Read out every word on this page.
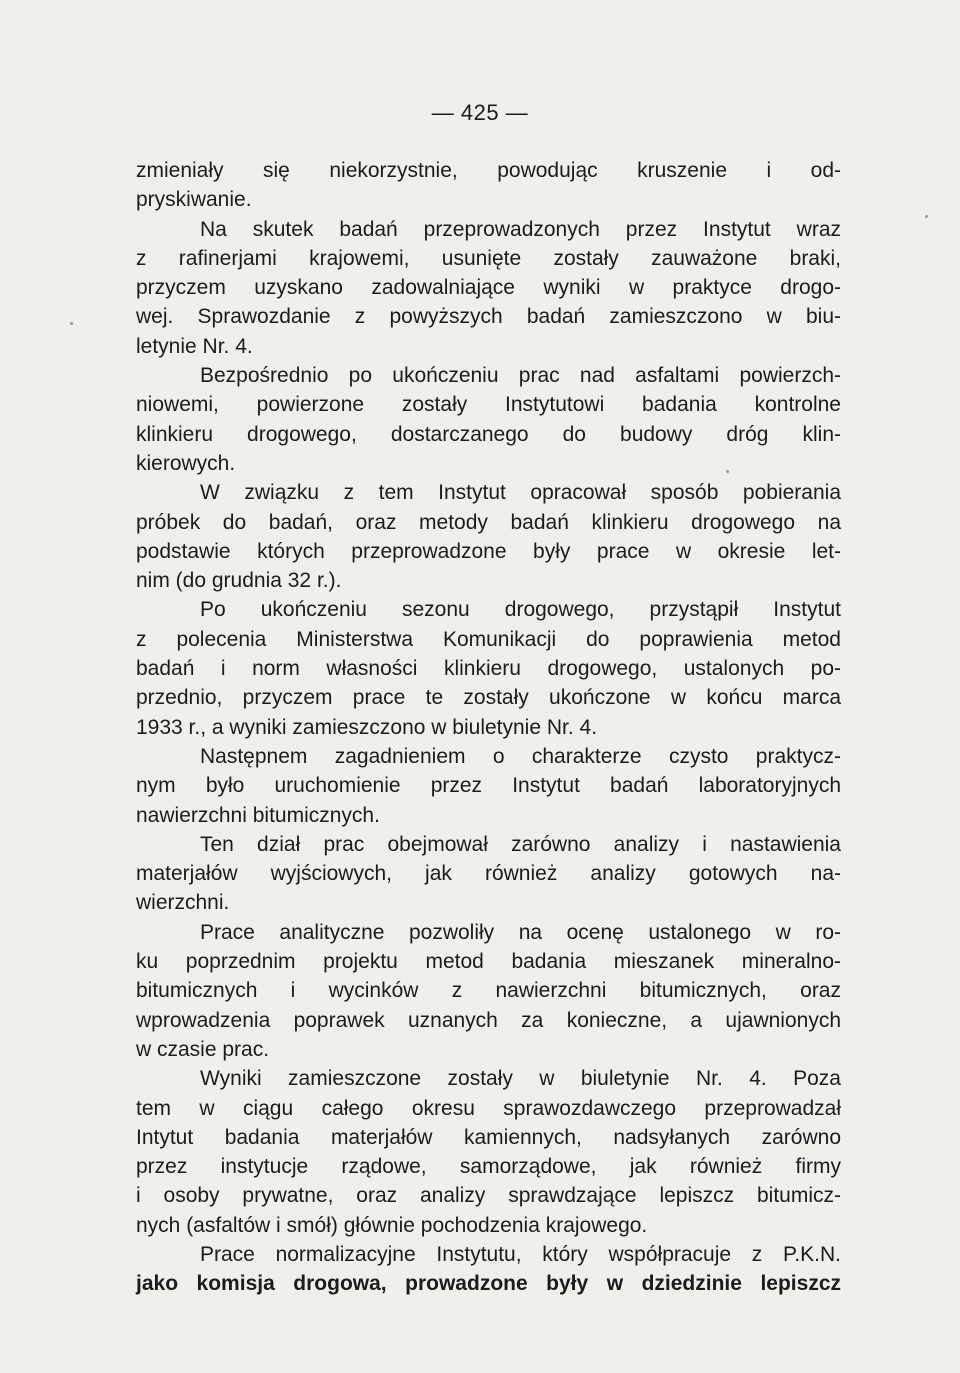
— 425 —
zmieniały się niekorzystnie, powodując kruszenie i od-
pryskiwanie.
Na skutek badań przeprowadzonych przez Instytut wraz
z rafinerjami krajowemi, usunięte zostały zauważone braki,
przyczem uzyskano zadowalniające wyniki w praktyce drogo-
wej. Sprawozdanie z powyższych badań zamieszczono w biu-
letynie Nr. 4.
Bezpośrednio po ukończeniu prac nad asfaltami powierzch-
niowemi, powierzone zostały Instytutowi badania kontrolne
klinkieru drogowego, dostarczanego do budowy dróg klin-
kierowych.
W związku z tem Instytut opracował sposób pobierania
próbek do badań, oraz metody badań klinkieru drogowego na
podstawie których przeprowadzone były prace w okresie let-
nim (do grudnia 32 r.).
Po ukończeniu sezonu drogowego, przystąpił Instytut
z polecenia Ministerstwa Komunikacji do poprawienia metod
badań i norm własności klinkieru drogowego, ustalonych po-
przednio, przyczem prace te zostały ukończone w końcu marca
1933 r., a wyniki zamieszczono w biuletynie Nr. 4.
Następnem zagadnieniem o charakterze czysto praktycz-
nym było uruchomienie przez Instytut badań laboratoryjnych
nawierzchni bitumicznych.
Ten dział prac obejmował zarówno analizy i nastawienia
materjałów wyjściowych, jak również analizy gotowych na-
wierzchni.
Prace analityczne pozwoliły na ocenę ustalonego w ro-
ku poprzednim projektu metod badania mieszanek mineralno-
bitumicznych i wycinków z nawierzchni bitumicznych, oraz
wprowadzenia poprawek uznanych za konieczne, a ujawnionych
w czasie prac.
Wyniki zamieszczone zostały w biuletynie Nr. 4. Poza
tem w ciągu całego okresu sprawozdawczego przeprowadzał
Intytut badania materjałów kamiennych, nadsyłanych zarówno
przez instytucje rządowe, samorządowe, jak również firmy
i osoby prywatne, oraz analizy sprawdzające lepiszcz bitumicz-
nych (asfaltów i smół) głównie pochodzenia krajowego.
Prace normalizacyjne Instytutu, który współpracuje z P.K.N.
jako komisja drogowa, prowadzone były w dziedzinie lepiszcz
